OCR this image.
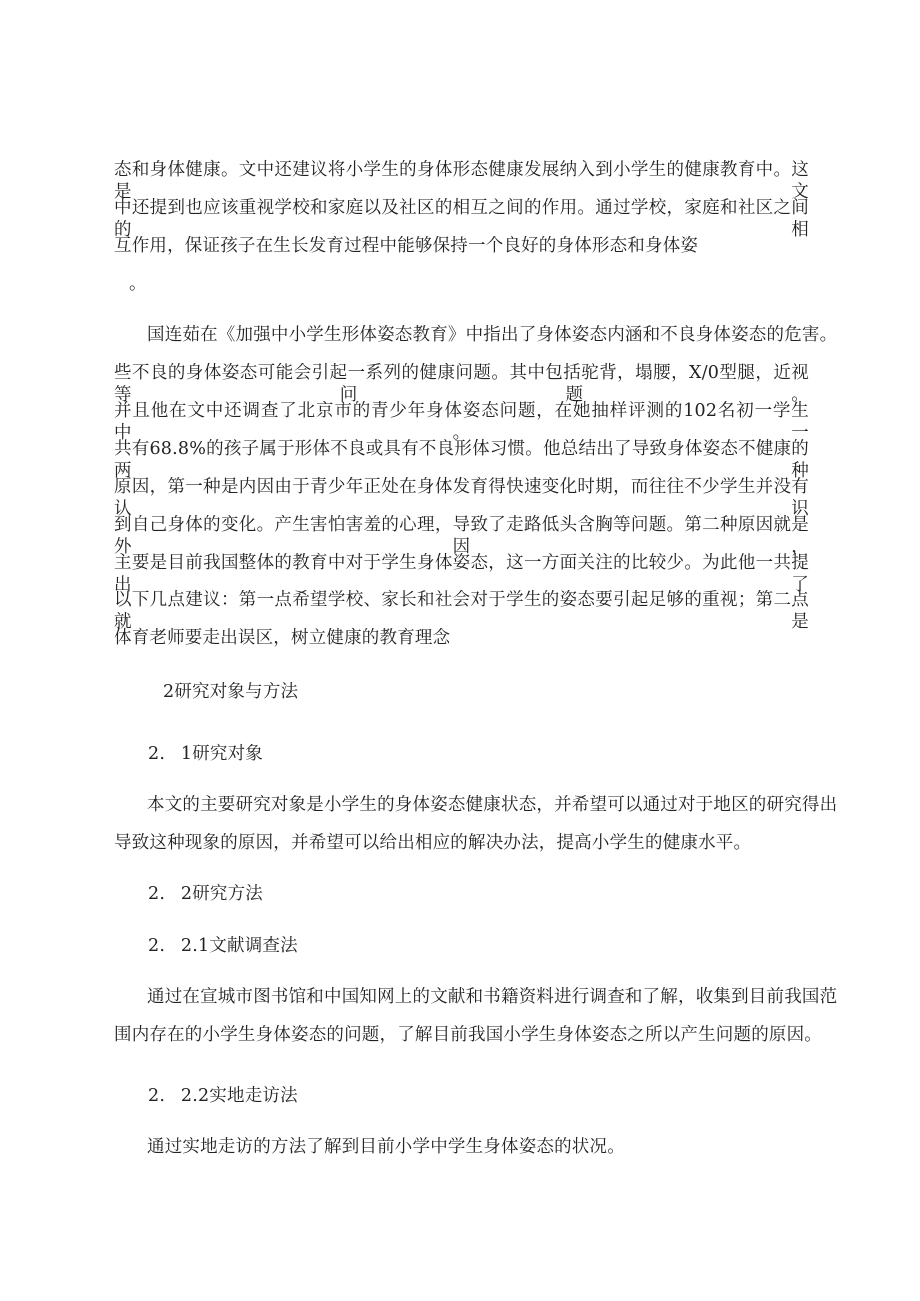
态和身体健康。文中还建议将小学生的身体形态健康发展纳入到小学生的健康教育中。这是文
中还提到也应该重视学校和家庭以及社区的相互之间的作用。通过学校，家庭和社区之间的相
互作用，保证孩子在生长发育过程中能够保持一个良好的身体形态和身体姿
。
国连茹在《加强中小学生形体姿态教育》中指出了身体姿态内涵和不良身体姿态的危害。
些不良的身体姿态可能会引起一系列的健康问题。其中包括驼背，塌腰，X/0型腿，近视等问题。
并且他在文中还调查了北京市的青少年身体姿态问题，在她抽样评测的102名初一学生中。一
共有68.8%的孩子属于形体不良或具有不良形体习惯。他总结出了导致身体姿态不健康的两种
原因，第一种是内因由于青少年正处在身体发育得快速变化时期，而往往不少学生并没有认识
到自己身体的变化。产生害怕害羞的心理，导致了走路低头含胸等问题。第二种原因就是外因，
主要是目前我国整体的教育中对于学生身体姿态，这一方面关注的比较少。为此他一共提出了
以下几点建议：第一点希望学校、家长和社会对于学生的姿态要引起足够的重视；第二点就是
体育老师要走出误区，树立健康的教育理念
2研究对象与方法
2. 1研究对象
本文的主要研究对象是小学生的身体姿态健康状态，并希望可以通过对于地区的研究得出
导致这种现象的原因，并希望可以给出相应的解决办法，提高小学生的健康水平。
2. 2研究方法
2. 2.1文献调查法
通过在宣城市图书馆和中国知网上的文献和书籍资料进行调查和了解，收集到目前我国范
围内存在的小学生身体姿态的问题，了解目前我国小学生身体姿态之所以产生问题的原因。
2. 2.2实地走访法
通过实地走访的方法了解到目前小学中学生身体姿态的状况。
